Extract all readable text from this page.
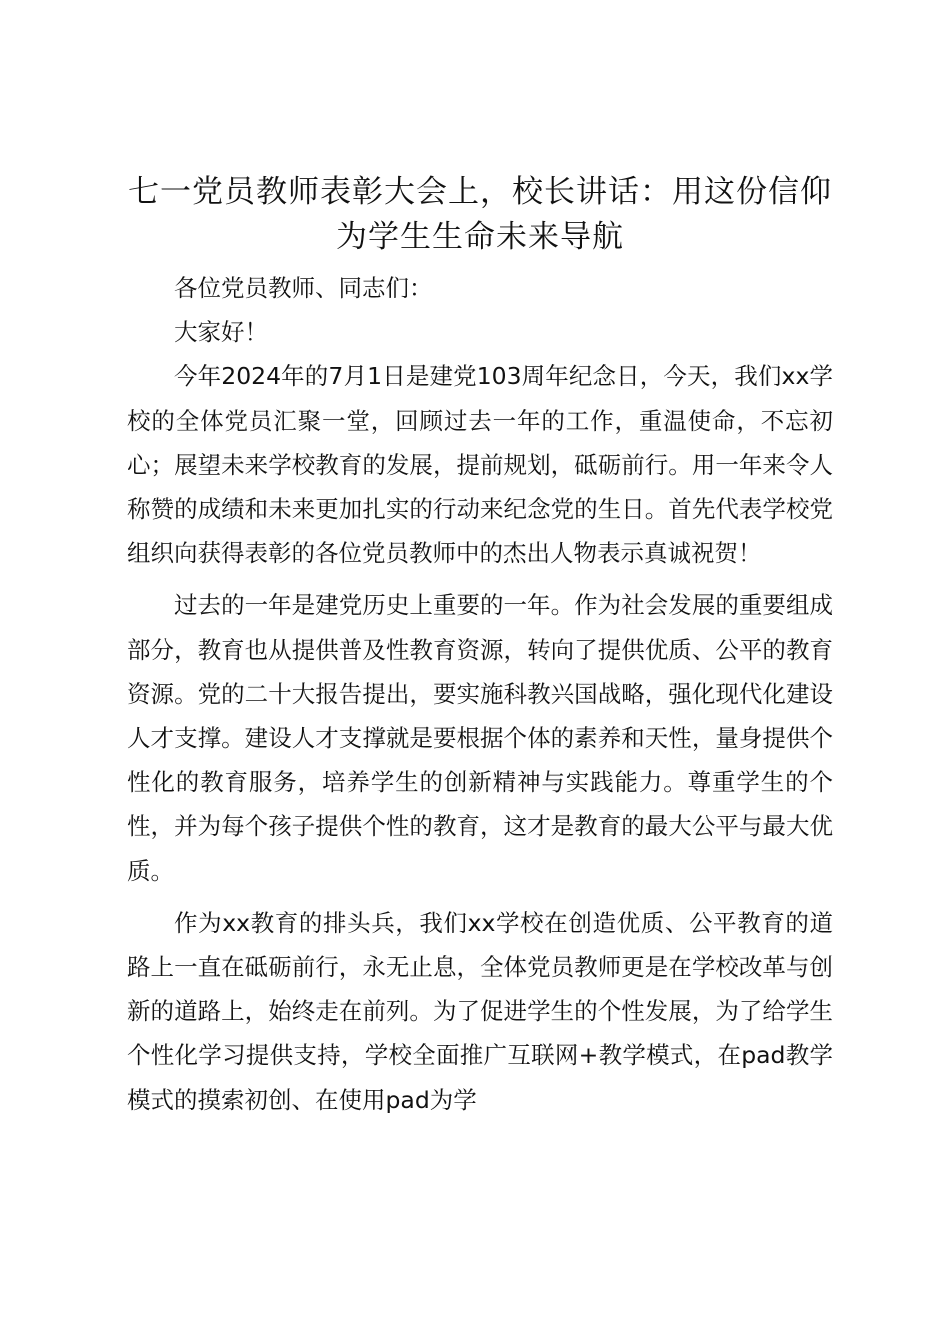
七一党员教师表彰大会上，校长讲话：用这份信仰为学生生命未来导航

各位党员教师、同志们：

大家好！

今年2024年的7月1日是建党103周年纪念日，今天，我们xx学校的全体党员汇聚一堂，回顾过去一年的工作，重温使命，不忘初心；展望未来学校教育的发展，提前规划，砥砺前行。用一年来令人称赞的成绩和未来更加扎实的行动来纪念党的生日。首先代表学校党组织向获得表彰的各位党员教师中的杰出人物表示真诚祝贺！

过去的一年是建党历史上重要的一年。作为社会发展的重要组成部分，教育也从提供普及性教育资源，转向了提供优质、公平的教育资源。党的二十大报告提出，要实施科教兴国战略，强化现代化建设人才支撑。建设人才支撑就是要根据个体的素养和天性，量身提供个性化的教育服务，培养学生的创新精神与实践能力。尊重学生的个性，并为每个孩子提供个性的教育，这才是教育的最大公平与最大优质。

作为xx教育的排头兵，我们xx学校在创造优质、公平教育的道路上一直在砥砺前行，永无止息，全体党员教师更是在学校改革与创新的道路上，始终走在前列。为了促进学生的个性发展，为了给学生个性化学习提供支持，学校全面推广互联网+教学模式，在pad教学模式的摸索初创、在使用pad为学
